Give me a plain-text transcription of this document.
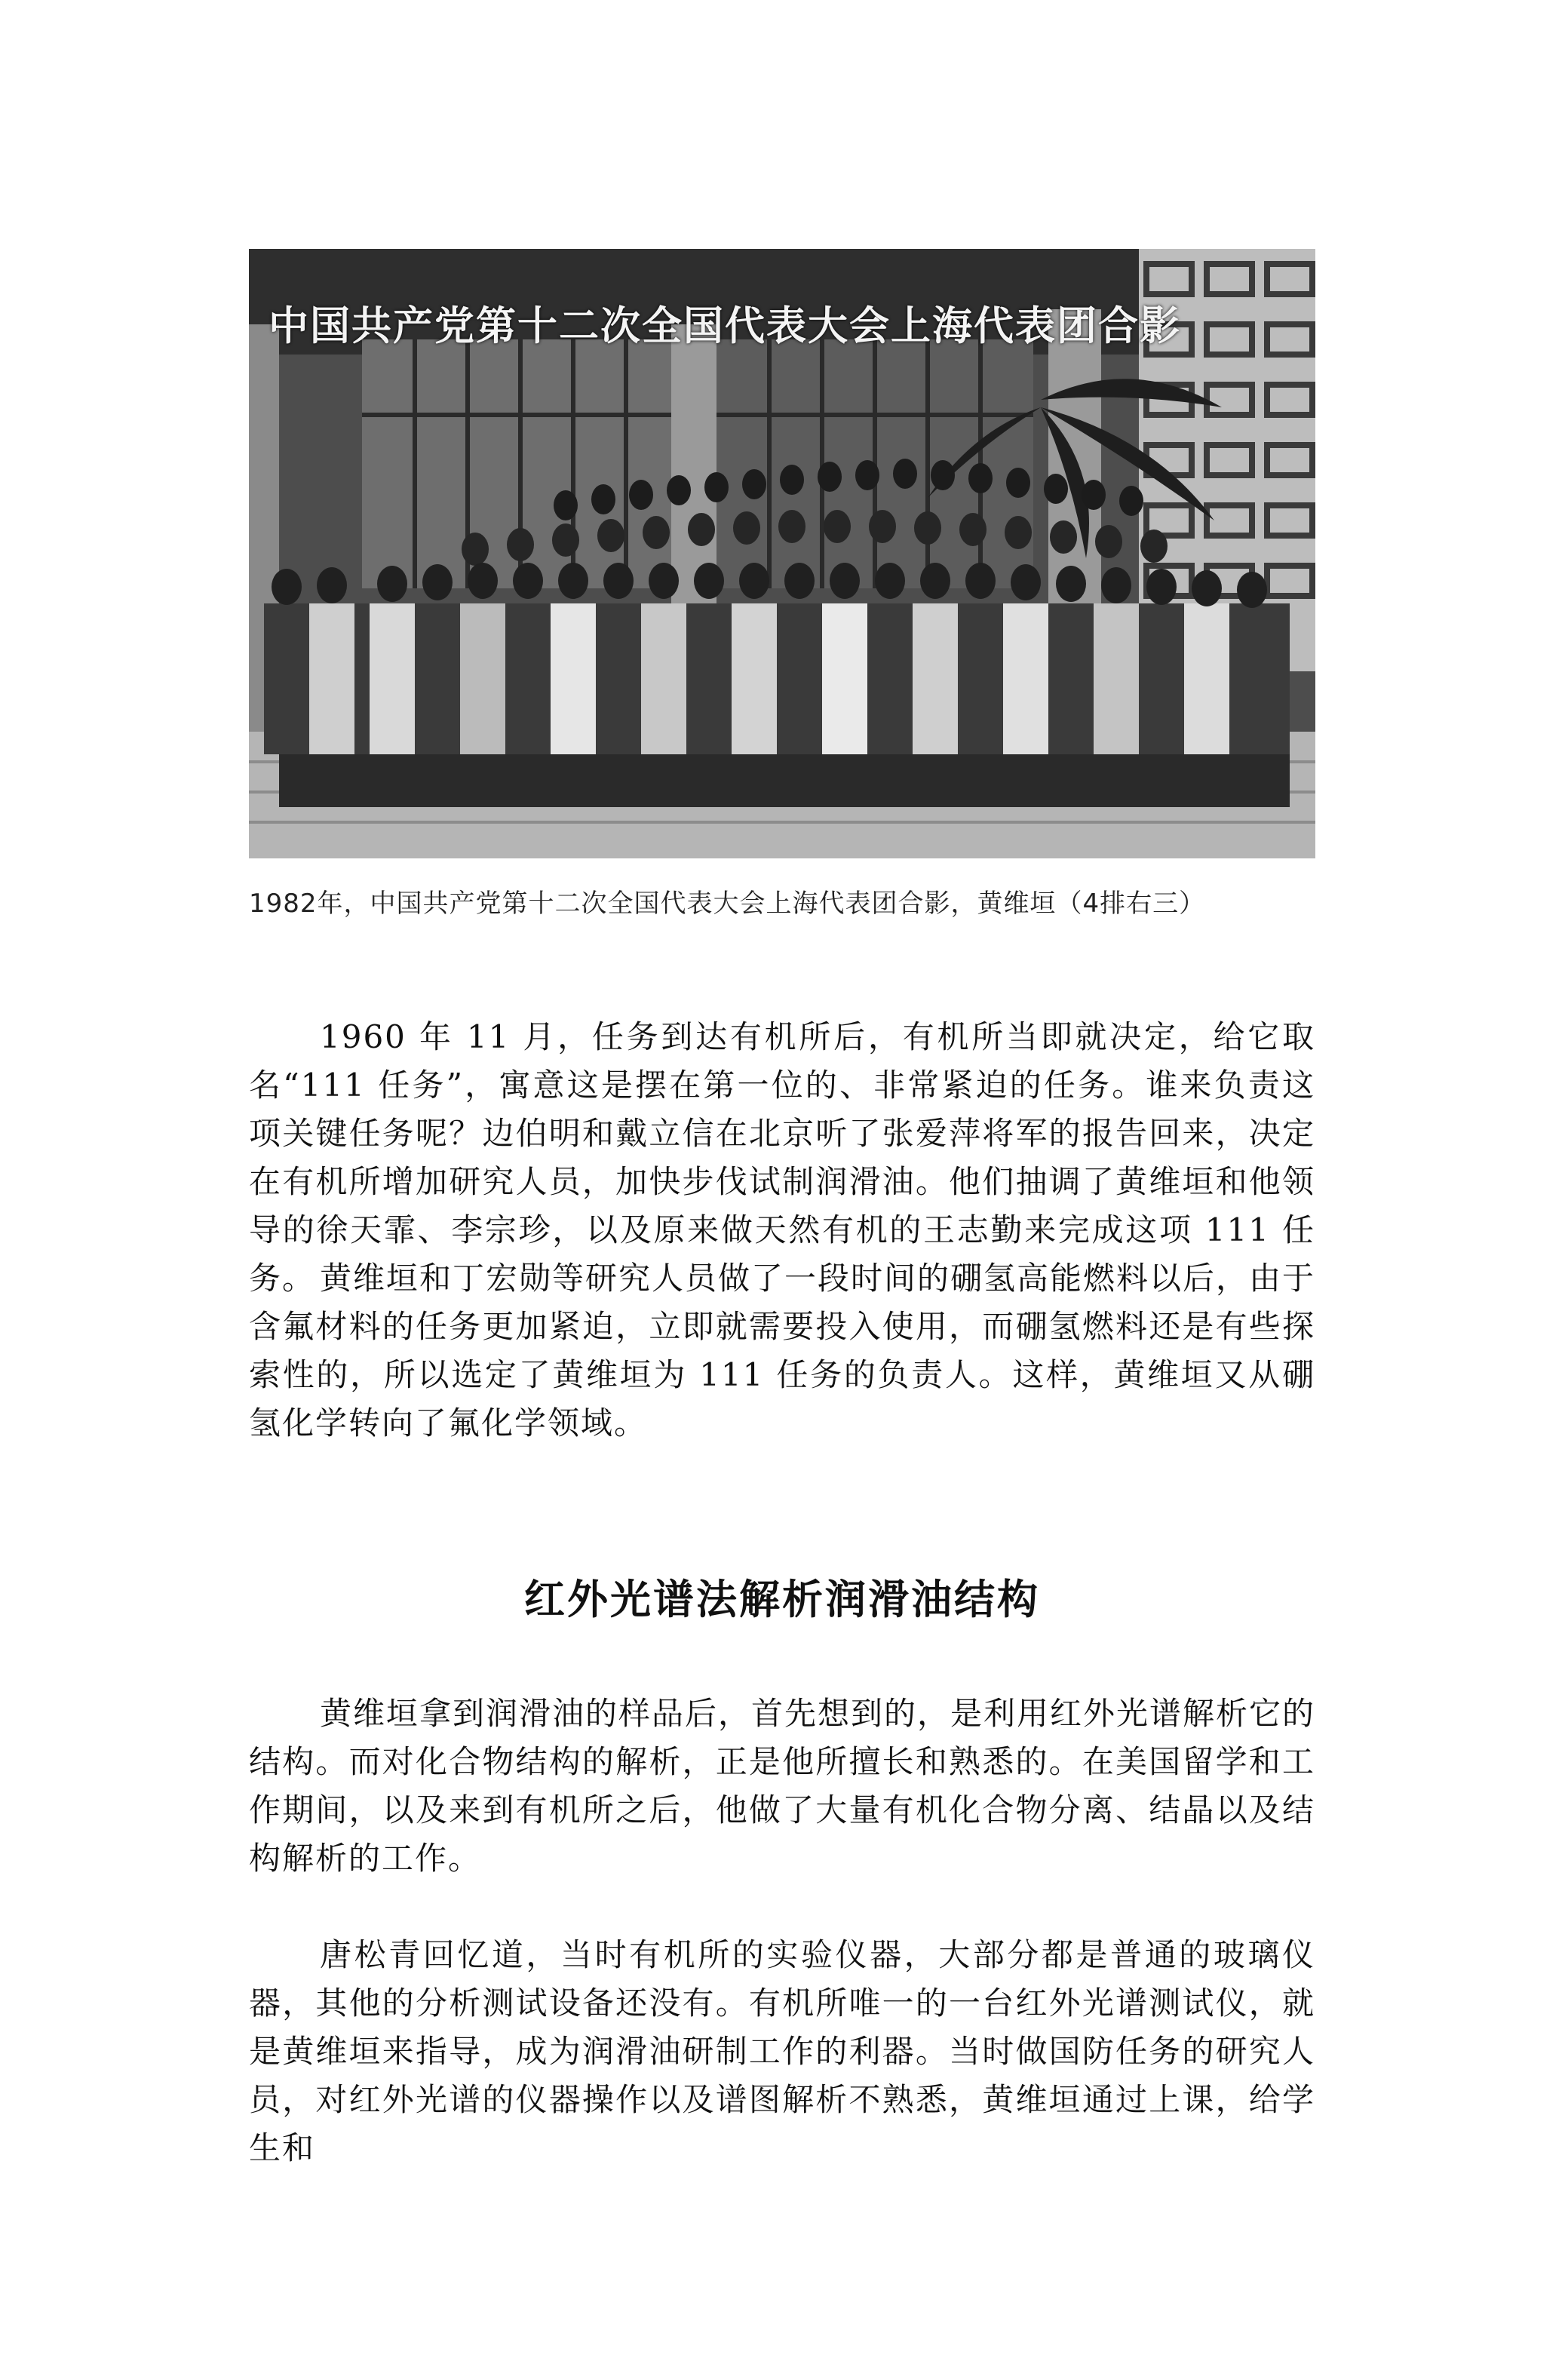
中国共产党第十二次全国代表大会上海代表团合影
1982年，中国共产党第十二次全国代表大会上海代表团合影，黄维垣（4排右三）

1960 年 11 月，任务到达有机所后，有机所当即就决定，给它取名“111 任务”，寓意这是摆在第一位的、非常紧迫的任务。谁来负责这项关键任务呢？边伯明和戴立信在北京听了张爱萍将军的报告回来，决定在有机所增加研究人员，加快步伐试制润滑油。他们抽调了黄维垣和他领导的徐天霏、李宗珍，以及原来做天然有机的王志勤来完成这项 111 任务。 黄维垣和丁宏勋等研究人员做了一段时间的硼氢高能燃料以后，由于含氟材料的任务更加紧迫，立即就需要投入使用，而硼氢燃料还是有些探索性的，所以选定了黄维垣为 111 任务的负责人。这样，黄维垣又从硼氢化学转向了氟化学领域。

红外光谱法解析润滑油结构

黄维垣拿到润滑油的样品后，首先想到的，是利用红外光谱解析它的结构。而对化合物结构的解析，正是他所擅长和熟悉的。在美国留学和工作期间，以及来到有机所之后，他做了大量有机化合物分离、结晶以及结构解析的工作。

唐松青回忆道，当时有机所的实验仪器，大部分都是普通的玻璃仪器，其他的分析测试设备还没有。有机所唯一的一台红外光谱测试仪，就是黄维垣来指导，成为润滑油研制工作的利器。当时做国防任务的研究人员，对红外光谱的仪器操作以及谱图解析不熟悉，黄维垣通过上课，给学生和
